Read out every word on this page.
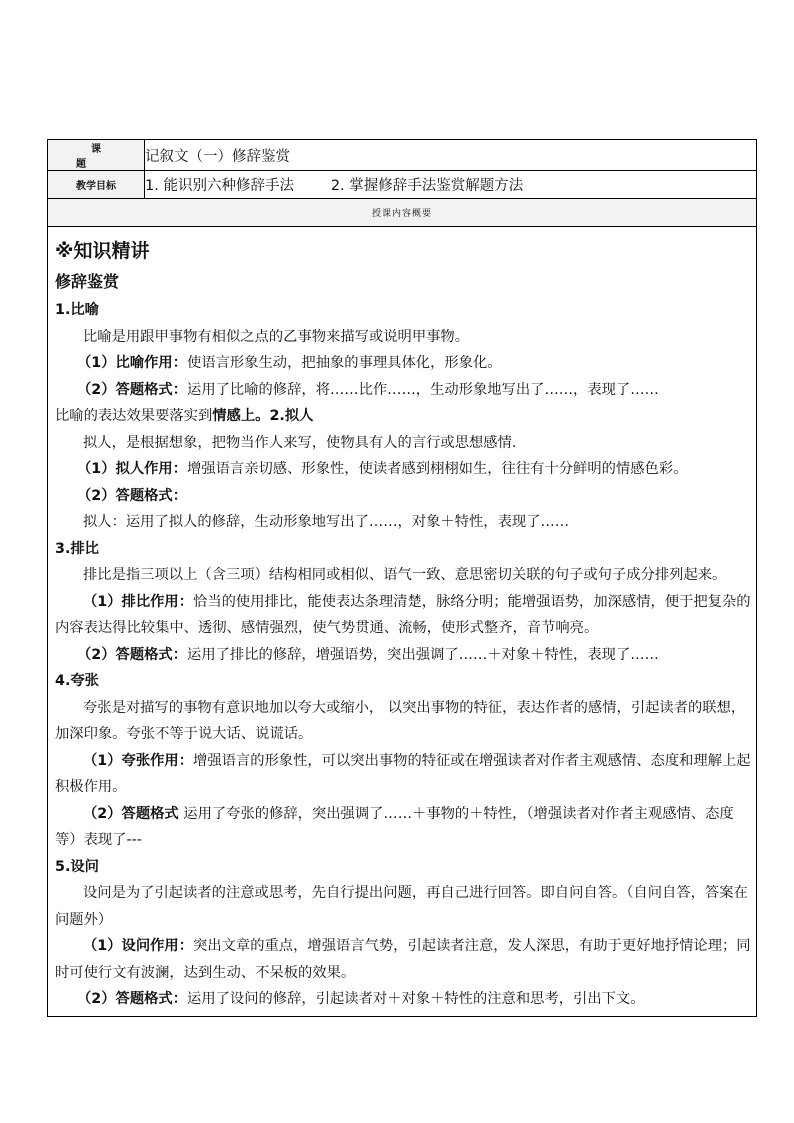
课 题	记叙文（一）修辞鉴赏
教学目标	1. 能识别六种修辞手法 2. 掌握修辞手法鉴赏解题方法
授课内容概要	

※知识精讲

修辞鉴赏

1.比喻

比喻是用跟甲事物有相似之点的乙事物来描写或说明甲事物。

（1）比喻作用：使语言形象生动，把抽象的事理具体化，形象化。

（2）答题格式：运用了比喻的修辞，将……比作……，生动形象地写出了……，表现了……

比喻的表达效果要落实到情感上。2.拟人

拟人，是根据想象，把物当作人来写，使物具有人的言行或思想感情.

（1）拟人作用：增强语言亲切感、形象性，使读者感到栩栩如生，往往有十分鲜明的情感色彩。

（2）答题格式：

拟人：运用了拟人的修辞，生动形象地写出了……，对象＋特性，表现了……

3.排比

排比是指三项以上（含三项）结构相同或相似、语气一致、意思密切关联的句子或句子成分排列起来。

（1）排比作用：恰当的使用排比，能使表达条理清楚，脉络分明；能增强语势，加深感情，便于把复杂的内容表达得比较集中、透彻、感情强烈，使气势贯通、流畅，使形式整齐，音节响亮。

（2）答题格式：运用了排比的修辞，增强语势，突出强调了……＋对象＋特性，表现了……

4.夸张

夸张是对描写的事物有意识地加以夸大或缩小， 以突出事物的特征，表达作者的感情，引起读者的联想，加深印象。夸张不等于说大话、说谎话。

（1）夸张作用：增强语言的形象性，可以突出事物的特征或在增强读者对作者主观感情、态度和理解上起积极作用。

（2）答题格式 运用了夸张的修辞，突出强调了……＋事物的＋特性，（增强读者对作者主观感情、态度等）表现了---

5.设问

设问是为了引起读者的注意或思考，先自行提出问题，再自己进行回答。即自问自答。（自问自答，答案在问题外）

（1）设问作用：突出文章的重点，增强语言气势，引起读者注意，发人深思，有助于更好地抒情论理；同时可使行文有波澜，达到生动、不呆板的效果。

（2）答题格式：运用了设问的修辞，引起读者对＋对象＋特性的注意和思考，引出下文。
